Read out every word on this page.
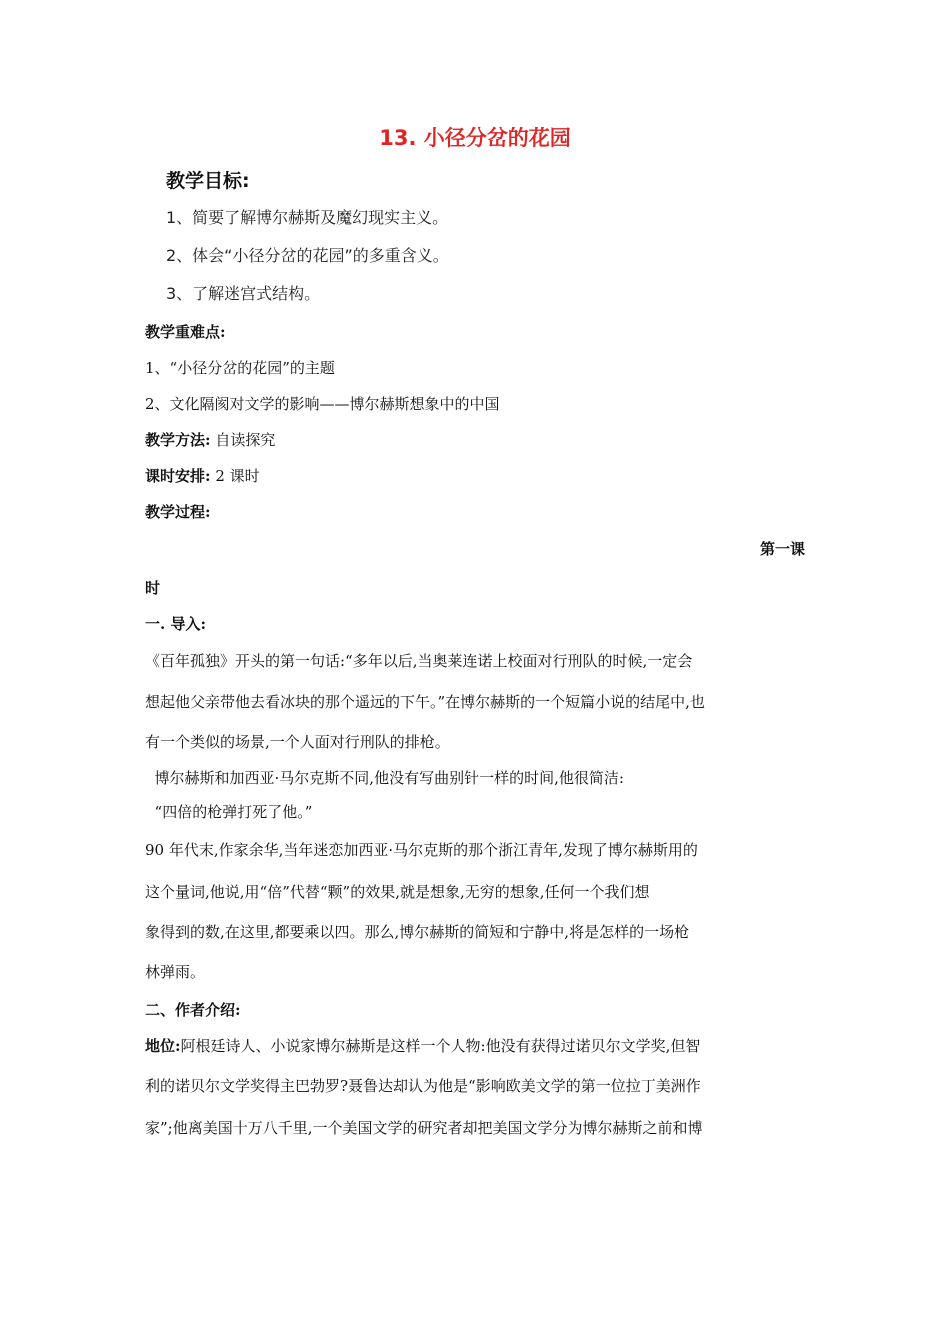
13. 小径分岔的花园
教学目标:
1、简要了解博尔赫斯及魔幻现实主义。
2、体会“小径分岔的花园”的多重含义。
3、了解迷宫式结构。
教学重难点:
1、“小径分岔的花园”的主题
2、文化隔阂对文学的影响——博尔赫斯想象中的中国
教学方法: 自读探究
课时安排: 2 课时
教学过程:
第一课
时
一. 导入:
《百年孤独》开头的第一句话:“多年以后,当奥莱连诺上校面对行刑队的时候,一定会
想起他父亲带他去看冰块的那个遥远的下午。”在博尔赫斯的一个短篇小说的结尾中,也
有一个类似的场景,一个人面对行刑队的排枪。
博尔赫斯和加西亚·马尔克斯不同,他没有写曲别针一样的时间,他很简洁:
“四倍的枪弹打死了他。”
90 年代末,作家余华,当年迷恋加西亚·马尔克斯的那个浙江青年,发现了博尔赫斯用的
这个量词,他说,用“倍”代替“颗”的效果,就是想象,无穷的想象,任何一个我们想
象得到的数,在这里,都要乘以四。那么,博尔赫斯的简短和宁静中,将是怎样的一场枪
林弹雨。
二、作者介绍:
地位:阿根廷诗人、小说家博尔赫斯是这样一个人物:他没有获得过诺贝尔文学奖,但智
利的诺贝尔文学奖得主巴勃罗?聂鲁达却认为他是“影响欧美文学的第一位拉丁美洲作
家”;他离美国十万八千里,一个美国文学的研究者却把美国文学分为博尔赫斯之前和博
